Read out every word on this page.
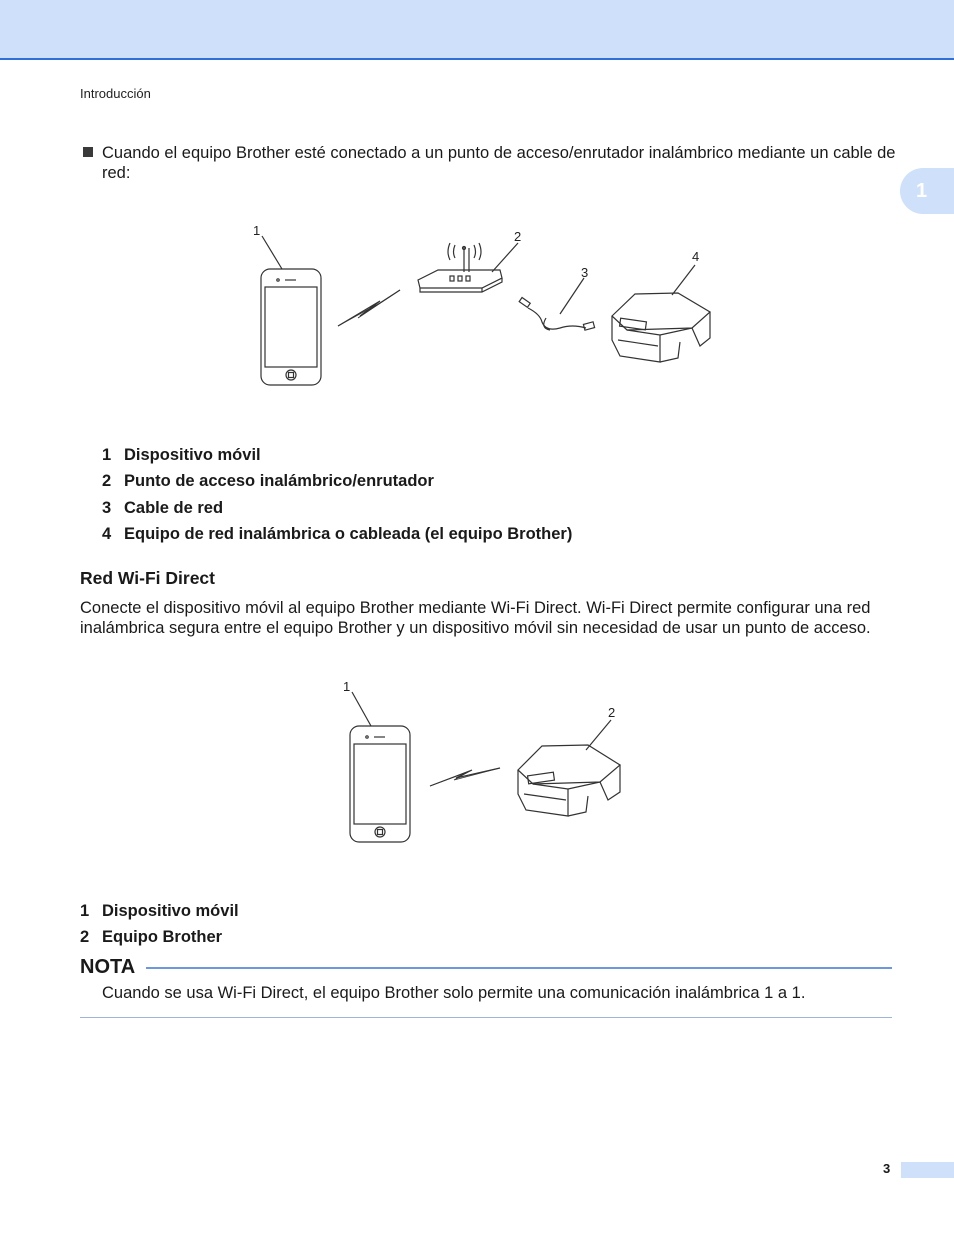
Introducción
1
Cuando el equipo Brother esté conectado a un punto de acceso/enrutador inalámbrico mediante un cable de red:
1	2
3
4
1 Dispositivo móvil
2 Punto de acceso inalámbrico/enrutador
3 Cable de red
4 Equipo de red inalámbrica o cableada (el equipo Brother)
Red Wi-Fi Direct
Conecte el dispositivo móvil al equipo Brother mediante Wi-Fi Direct. Wi-Fi Direct permite configurar una red inalámbrica segura entre el equipo Brother y un dispositivo móvil sin necesidad de usar un punto de acceso.
1
2
1 Dispositivo móvil
2 Equipo Brother
NOTA
Cuando se usa Wi-Fi Direct, el equipo Brother solo permite una comunicación inalámbrica 1 a 1.
3
